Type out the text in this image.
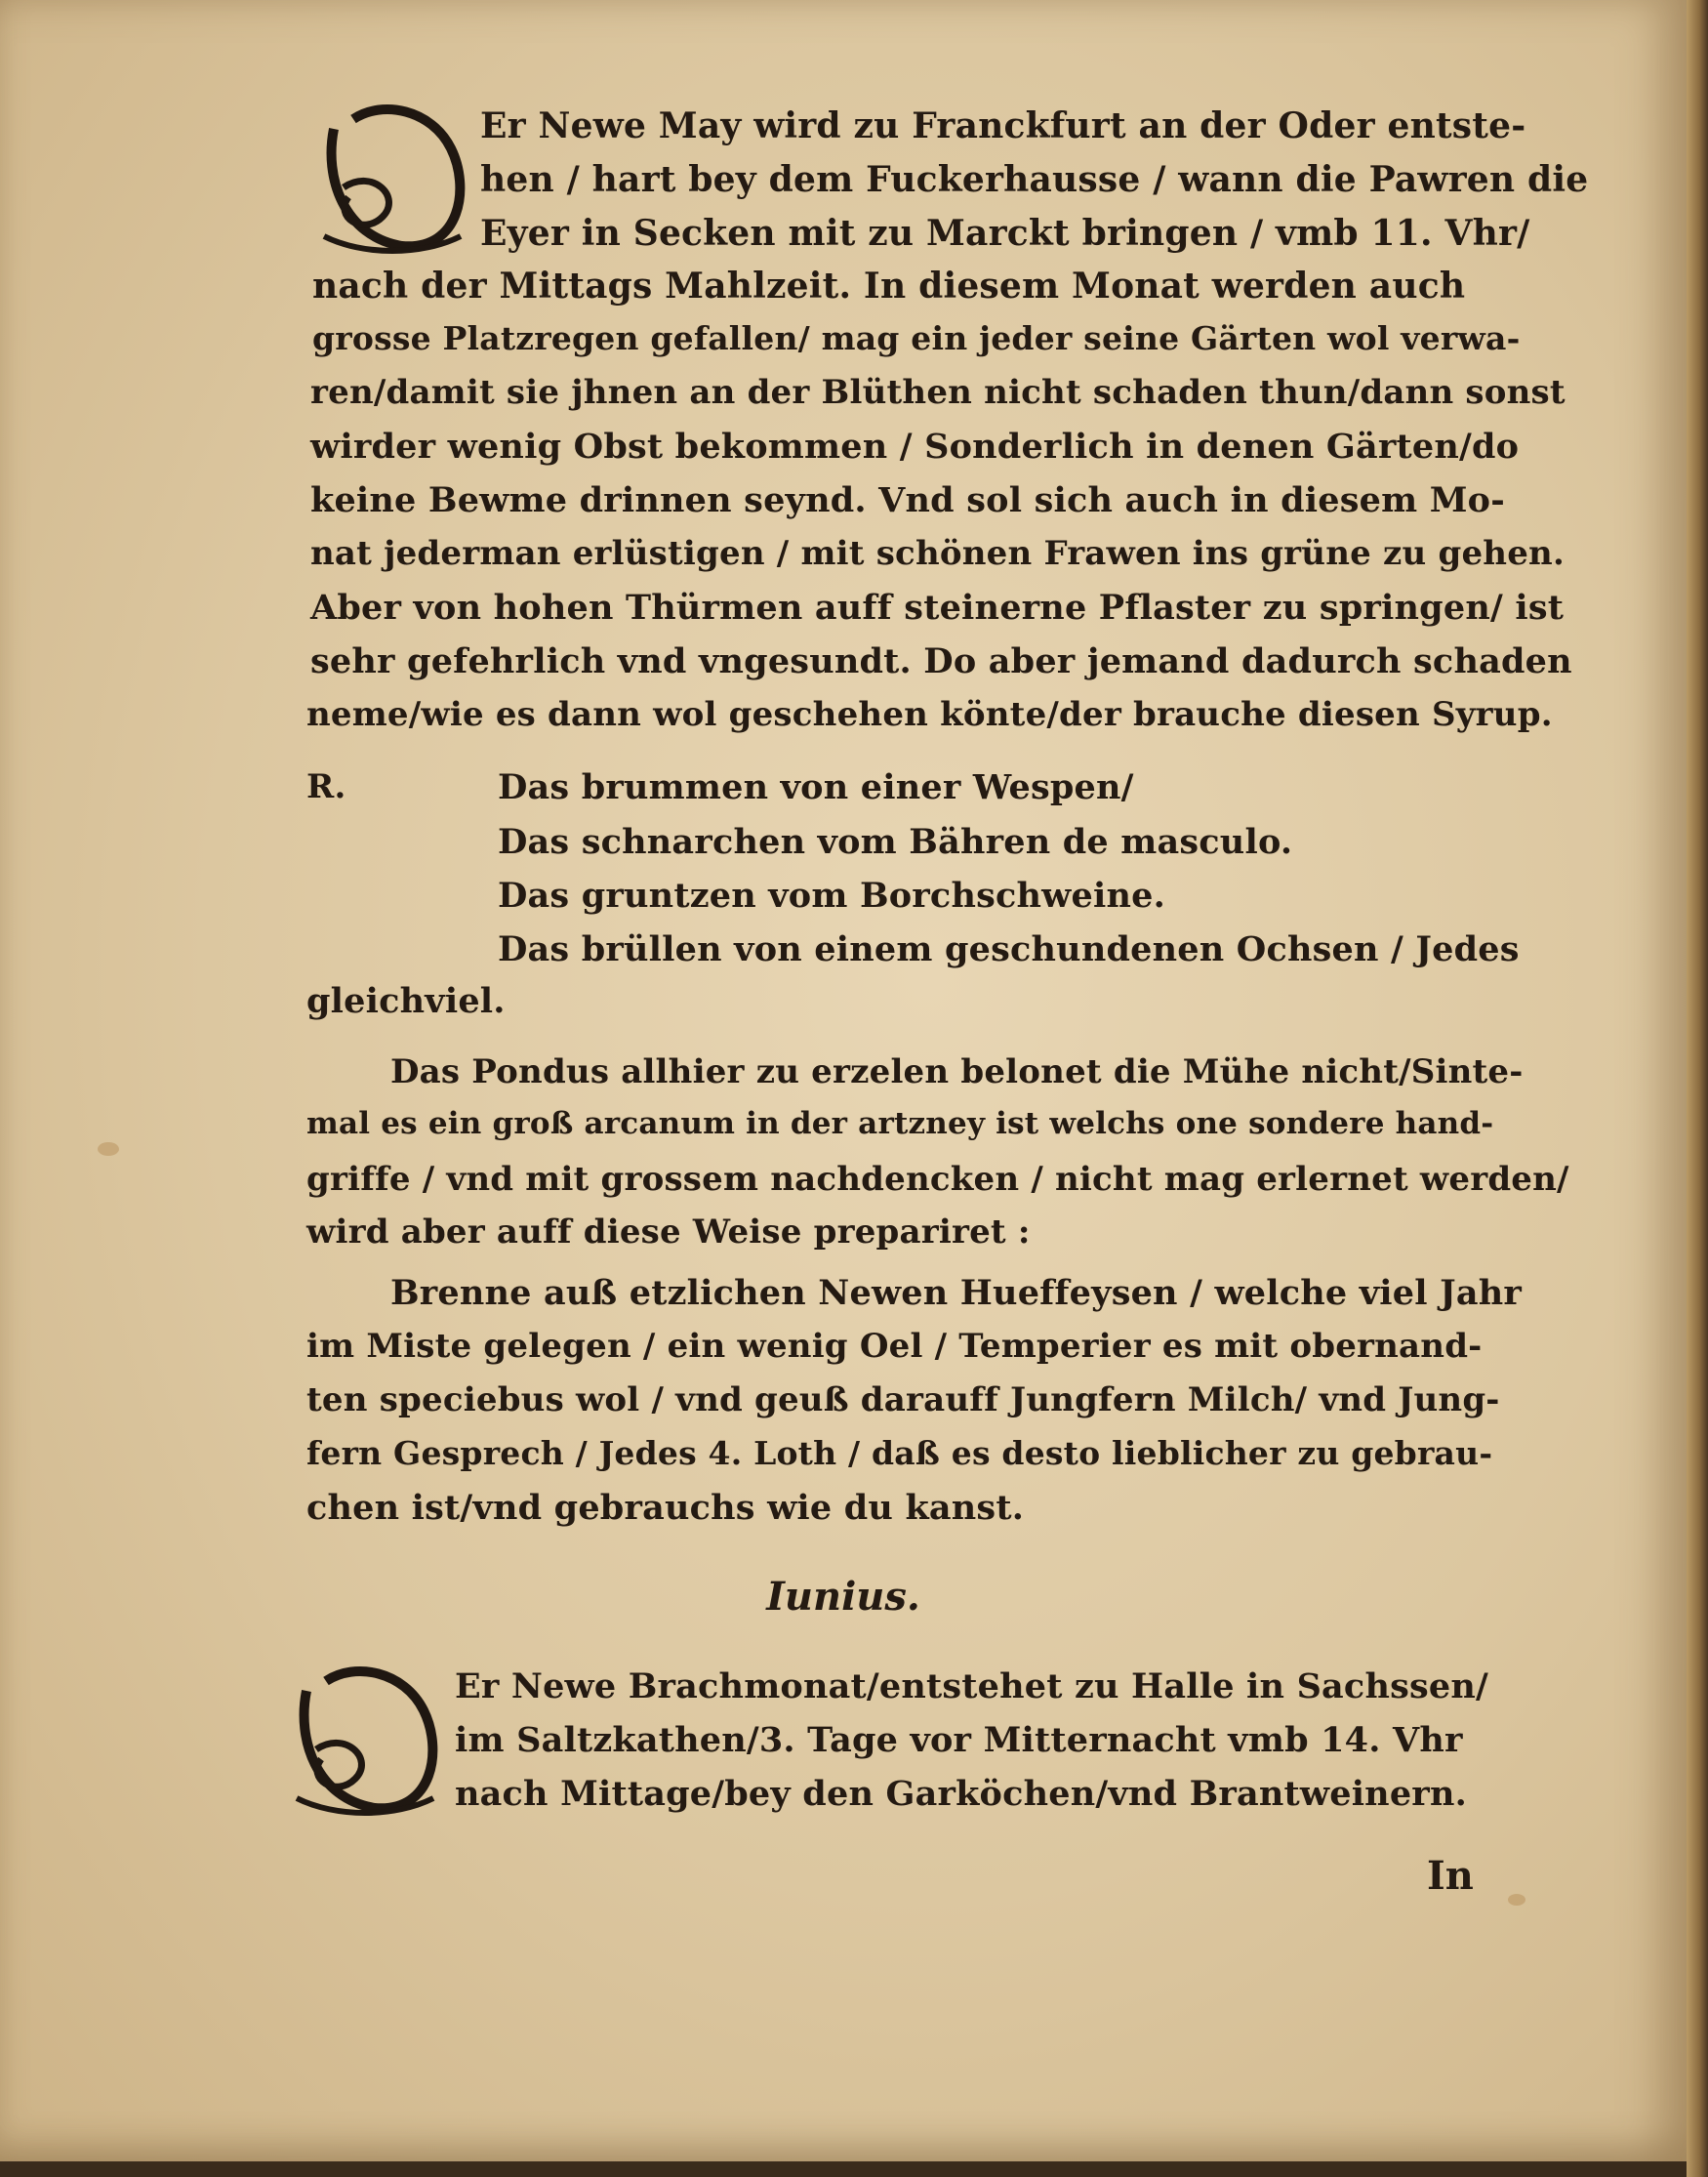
Er Newe May wird zu Franckfurt an der Oder entste-
hen / hart bey dem Fuckerhausse / wann die Pawren die
Eyer in Secken mit zu Marckt bringen / vmb 11. Vhr/
nach der Mittags Mahlzeit. In diesem Monat werden auch
grosse Platzregen gefallen/ mag ein jeder seine Gärten wol verwa-
ren/damit sie jhnen an der Blüthen nicht schaden thun/dann sonst
wirder wenig Obst bekommen / Sonderlich in denen Gärten/do
keine Bewme drinnen seynd. Vnd sol sich auch in diesem Mo-
nat jederman erlüstigen / mit schönen Frawen ins grüne zu gehen.
Aber von hohen Thürmen auff steinerne Pflaster zu springen/ ist
sehr gefehrlich vnd vngesundt. Do aber jemand dadurch schaden
neme/wie es dann wol geschehen könte/der brauche diesen Syrup.
R.	Das brummen von einer Wespen/
Das schnarchen vom Bähren de masculo.
Das gruntzen vom Borchschweine.
Das brüllen von einem geschundenen Ochsen / Jedes
gleichviel.
Das Pondus allhier zu erzelen belonet die Mühe nicht/Sinte-
mal es ein groß arcanum in der artzney ist welchs one sondere hand-
griffe / vnd mit grossem nachdencken / nicht mag erlernet werden/
wird aber auff diese Weise prepariret :
Brenne auß etzlichen Newen Hueffeysen / welche viel Jahr
im Miste gelegen / ein wenig Oel / Temperier es mit obernand-
ten speciebus wol / vnd geuß darauff Jungfern Milch/ vnd Jung-
fern Gesprech / Jedes 4. Loth / daß es desto lieblicher zu gebrau-
chen ist/vnd gebrauchs wie du kanst.
Iunius.
Er Newe Brachmonat/entstehet zu Halle in Sachssen/
im Saltzkathen/3. Tage vor Mitternacht vmb 14. Vhr
nach Mittage/bey den Garköchen/vnd Brantweinern.
In
